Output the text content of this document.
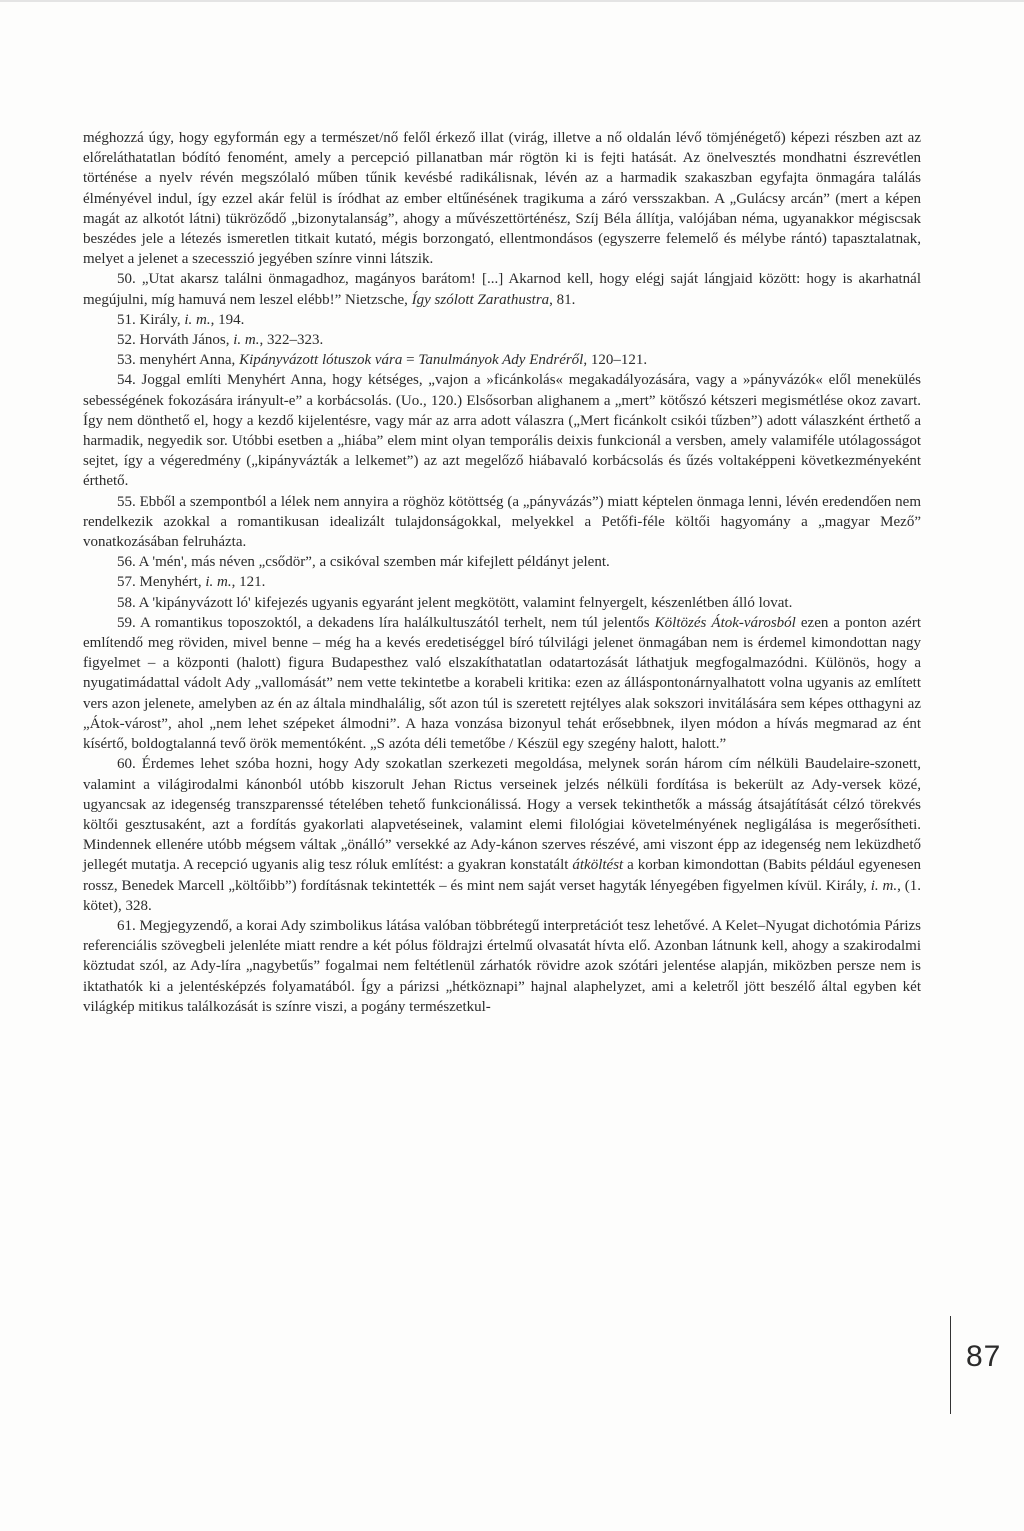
méghozzá úgy, hogy egyformán egy a természet/nő felől érkező illat (virág, illetve a nő oldalán lévő tömjénégető) képezi részben azt az előreláthatatlan bódító fenomént, amely a percepció pillanatban már rögtön ki is fejti hatását. Az önelvesztés mondhatni észrevétlen történése a nyelv révén megszólaló műben tűnik kevésbé radikálisnak, lévén az a harmadik szakaszban egyfajta önmagára találás élményével indul, így ezzel akár felül is íródhat az ember eltűnésének tragikuma a záró versszakban. A „Gulácsy arcán” (mert a képen magát az alkotót látni) tükröződő „bizonytalanság”, ahogy a művészettörténész, Szíj Béla állítja, valójában néma, ugyanakkor mégiscsak beszédes jele a létezés ismeretlen titkait kutató, mégis borzongató, ellentmondásos (egyszerre felemelő és mélybe rántó) tapasztalatnak, melyet a jelenet a szecesszió jegyében színre vinni látszik.

50. „Utat akarsz találni önmagadhoz, magányos barátom! [...] Akarnod kell, hogy elégj saját lángjaid között: hogy is akarhatnál megújulni, míg hamuvá nem leszel elébb!” Nietzsche, Így szólott Zarathustra, 81.

51. Király, i. m., 194.

52. Horváth János, i. m., 322–323.

53. menyhért Anna, Kipányvázott lótuszok vára = Tanulmányok Ady Endréről, 120–121.

54. Joggal említi Menyhért Anna, hogy kétséges, „vajon a »ficánkolás« megakadályozására, vagy a »pányvázók« elől menekülés sebességének fokozására irányult-e” a korbácsolás. (Uo., 120.) Elsősorban alighanem a „mert” kötőszó kétszeri megismétlése okoz zavart. Így nem dönthető el, hogy a kezdő kijelentésre, vagy már az arra adott válaszra („Mert ficánkolt csikói tűzben”) adott válaszként érthető a harmadik, negyedik sor. Utóbbi esetben a „hiába” elem mint olyan temporális deixis funkcionál a versben, amely valamiféle utólagosságot sejtet, így a végeredmény („kipányvázták a lelkemet”) az azt megelőző hiábavaló korbácsolás és űzés voltaképpeni következményeként érthető.

55. Ebből a szempontból a lélek nem annyira a röghöz kötöttség (a „pányvázás”) miatt képtelen önmaga lenni, lévén eredendően nem rendelkezik azokkal a romantikusan idealizált tulajdonságokkal, melyekkel a Petőfi-féle költői hagyomány a „magyar Mező” vonatkozásában felruházta.

56. A 'mén', más néven „csődör”, a csikóval szemben már kifejlett példányt jelent.

57. Menyhért, i. m., 121.

58. A 'kipányvázott ló' kifejezés ugyanis egyaránt jelent megkötött, valamint felnyergelt, készenlétben álló lovat.

59. A romantikus toposzoktól, a dekadens líra halálkultuszától terhelt, nem túl jelentős Költözés Átok-városból ezen a ponton azért említendő meg röviden, mivel benne – még ha a kevés eredetiséggel bíró túlvilági jelenet önmagában nem is érdemel kimondottan nagy figyelmet – a központi (halott) figura Budapesthez való elszakíthatatlan odatartozását láthatjuk megfogalmazódni. Különös, hogy a nyugatimádattal vádolt Ady „vallomását” nem vette tekintetbe a korabeli kritika: ezen az álláspontonárnyalhatott volna ugyanis az említett vers azon jelenete, amelyben az én az általa mindhalálig, sőt azon túl is szeretett rejtélyes alak sokszori invitálására sem képes otthagyni az „Átok-várost”, ahol „nem lehet szépeket álmodni”. A haza vonzása bizonyul tehát erősebbnek, ilyen módon a hívás megmarad az ént kísértő, boldogtalanná tevő örök mementóként. „S azóta déli temetőbe / Készül egy szegény halott, halott.”

60. Érdemes lehet szóba hozni, hogy Ady szokatlan szerkezeti megoldása, melynek során három cím nélküli Baudelaire-szonett, valamint a világirodalmi kánonból utóbb kiszorult Jehan Rictus verseinek jelzés nélküli fordítása is bekerült az Ady-versek közé, ugyancsak az idegenség transzparenssé tételében tehető funkcionálissá. Hogy a versek tekinthetők a másság átsajátítását célzó törekvés költői gesztusaként, azt a fordítás gyakorlati alapvetéseinek, valamint elemi filológiai követelményének negligálása is megerősítheti. Mindennek ellenére utóbb mégsem váltak „önálló” versekké az Ady-kánon szerves részévé, ami viszont épp az idegenség nem leküzdhető jellegét mutatja. A recepció ugyanis alig tesz róluk említést: a gyakran konstatált átköltést a korban kimondottan (Babits például egyenesen rossz, Benedek Marcell „költőibb”) fordításnak tekintették – és mint nem saját verset hagyták lényegében figyelmen kívül. Király, i. m., (1. kötet), 328.

61. Megjegyzendő, a korai Ady szimbolikus látása valóban többrétegű interpretációt tesz lehetővé. A Kelet–Nyugat dichotómia Párizs referenciális szövegbeli jelenléte miatt rendre a két pólus földrajzi értelmű olvasatát hívta elő. Azonban látnunk kell, ahogy a szakirodalmi köztudat szól, az Ady-líra „nagybetűs” fogalmai nem feltétlenül zárhatók rövidre azok szótári jelentése alapján, miközben persze nem is iktathatók ki a jelentésképzés folyamatából. Így a párizsi „hétköznapi” hajnal alaphelyzet, ami a keletről jött beszélő által egyben két világkép mitikus találkozását is színre viszi, a pogány természetkul-

87
